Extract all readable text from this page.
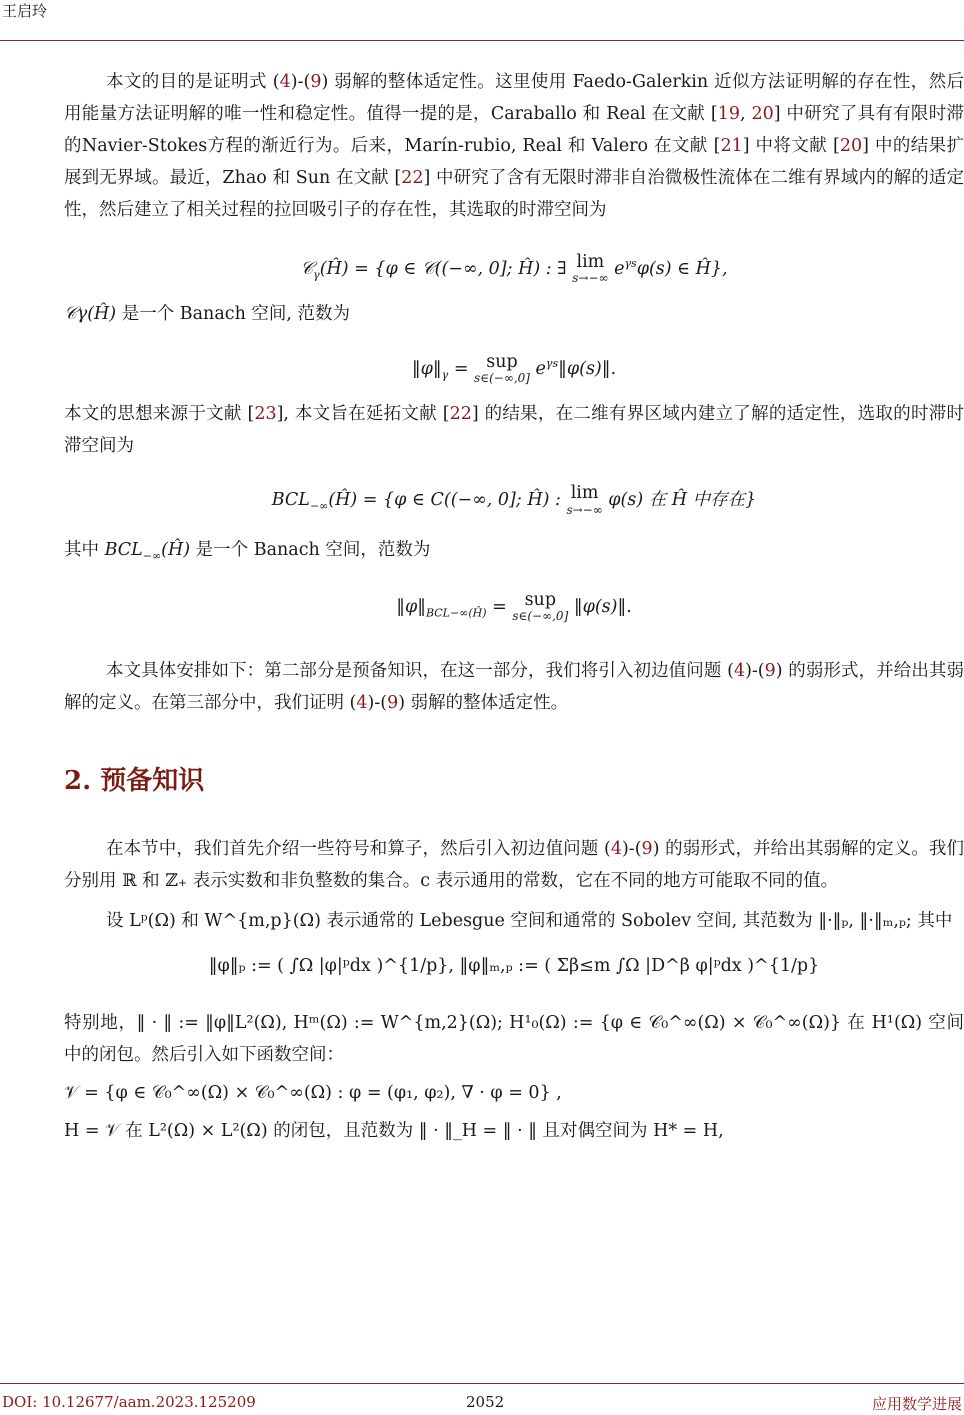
王启玲

本文的目的是证明式 (4)-(9) 弱解的整体适定性。这里使用 Faedo-Galerkin 近似方法证明解的存在性，然后用能量方法证明解的唯一性和稳定性。值得一提的是，Caraballo 和 Real 在文献 [19, 20] 中研究了具有有限时滞的Navier-Stokes方程的渐近行为。后来，Marín-rubio, Real 和 Valero 在文献 [21] 中将文献 [20] 中的结果扩展到无界域。最近，Zhao 和 Sun 在文献 [22] 中研究了含有无限时滞非自治微极性流体在二维有界域内的解的适定性，然后建立了相关过程的拉回吸引子的存在性，其选取的时滞空间为

𝒞$_\gamma$(Ĥ) = {φ ∈ 𝒞((−∞, 0]; Ĥ) : ∃ lim
s→−∞ $e^{\gamma s}\varphi(s)$ ∈ Ĥ},

𝒞γ(Ĥ) 是一个 Banach 空间, 范数为

$‖\varphi‖_\gamma$ = sup
s∈(−∞,0] $e^{\gamma s}‖\varphi(s)‖$.

本文的思想来源于文献 [23], 本文旨在延拓文献 [22] 的结果，在二维有界区域内建立了解的适定性，选取的时滞时滞空间为

$BCL_{-\infty}(Ĥ) = \{\varphi$ ∈ C((−∞, 0]; Ĥ) : lim
s→−∞ φ(s) 在 Ĥ 中存在}

其中 $BCL_{-\infty}(Ĥ)$ 是一个 Banach 空间，范数为

$‖\varphi‖_{BCL-\infty(Ĥ)}$ = sup
s∈(−∞,0] ‖φ(s)‖.

本文具体安排如下：第二部分是预备知识，在这一部分，我们将引入初边值问题 (4)-(9) 的弱形式，并给出其弱解的定义。在第三部分中，我们证明 (4)-(9) 弱解的整体适定性。

2. 预备知识

在本节中，我们首先介绍一些符号和算子，然后引入初边值问题 (4)-(9) 的弱形式，并给出其弱解的定义。我们分别用 ℝ 和 ℤ₊ 表示实数和非负整数的集合。c 表示通用的常数，它在不同的地方可能取不同的值。

设 Lᵖ(Ω) 和 W^{m,p}(Ω) 表示通常的 Lebesgue 空间和通常的 Sobolev 空间, 其范数为 ‖·‖ₚ, ‖·‖ₘ,ₚ; 其中

‖φ‖ₚ := ( ∫Ω |φ|ᵖdx )^{1/p}, ‖φ‖ₘ,ₚ := ( Σβ≤m ∫Ω |D^β φ|ᵖdx )^{1/p}

特别地，‖ · ‖ := ‖φ‖L²(Ω), Hᵐ(Ω) := W^{m,2}(Ω); H¹₀(Ω) := {φ ∈ 𝒞₀^∞(Ω) × 𝒞₀^∞(Ω)} 在 H¹(Ω) 空间中的闭包。然后引入如下函数空间：

𝒱 = {φ ∈ 𝒞₀^∞(Ω) × 𝒞₀^∞(Ω) : φ = (φ₁, φ₂), ∇ · φ = 0} ,

H = 𝒱 在 L²(Ω) × L²(Ω) 的闭包，且范数为 ‖ · ‖_H = ‖ · ‖ 且对偶空间为 H* = H,

DOI: 10.12677/aam.2023.125209	2052	应用数学进展
